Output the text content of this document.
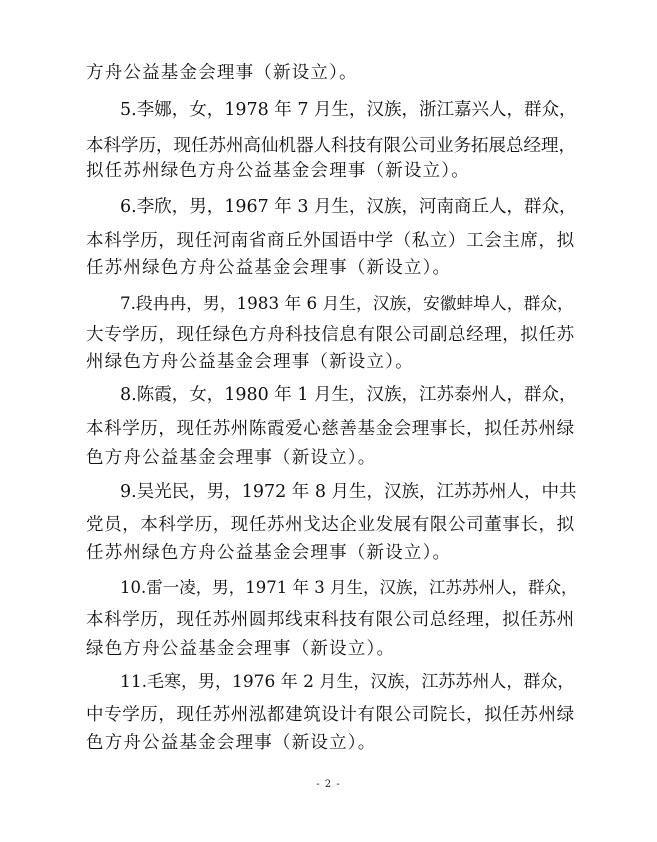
方舟公益基金会理事（新设立）。
5.李娜，女，1978 年 7 月生，汉族，浙江嘉兴人，群众，
本科学历，现任苏州高仙机器人科技有限公司业务拓展总经理，
拟任苏州绿色方舟公益基金会理事（新设立）。
6.李欣，男，1967 年 3 月生，汉族，河南商丘人，群众，
本科学历，现任河南省商丘外国语中学（私立）工会主席，拟
任苏州绿色方舟公益基金会理事（新设立）。
7.段冉冉，男，1983 年 6 月生，汉族，安徽蚌埠人，群众，
大专学历，现任绿色方舟科技信息有限公司副总经理，拟任苏
州绿色方舟公益基金会理事（新设立）。
8.陈霞，女，1980 年 1 月生，汉族，江苏泰州人，群众，
本科学历，现任苏州陈霞爱心慈善基金会理事长，拟任苏州绿
色方舟公益基金会理事（新设立）。
9.吴光民，男，1972 年 8 月生，汉族，江苏苏州人，中共
党员，本科学历，现任苏州戈达企业发展有限公司董事长，拟
任苏州绿色方舟公益基金会理事（新设立）。
10.雷一凌，男，1971 年 3 月生，汉族，江苏苏州人，群众，
本科学历，现任苏州圆邦线束科技有限公司总经理，拟任苏州
绿色方舟公益基金会理事（新设立）。
11.毛寒，男，1976 年 2 月生，汉族，江苏苏州人，群众，
中专学历，现任苏州泓都建筑设计有限公司院长，拟任苏州绿
色方舟公益基金会理事（新设立）。
- 2 -
